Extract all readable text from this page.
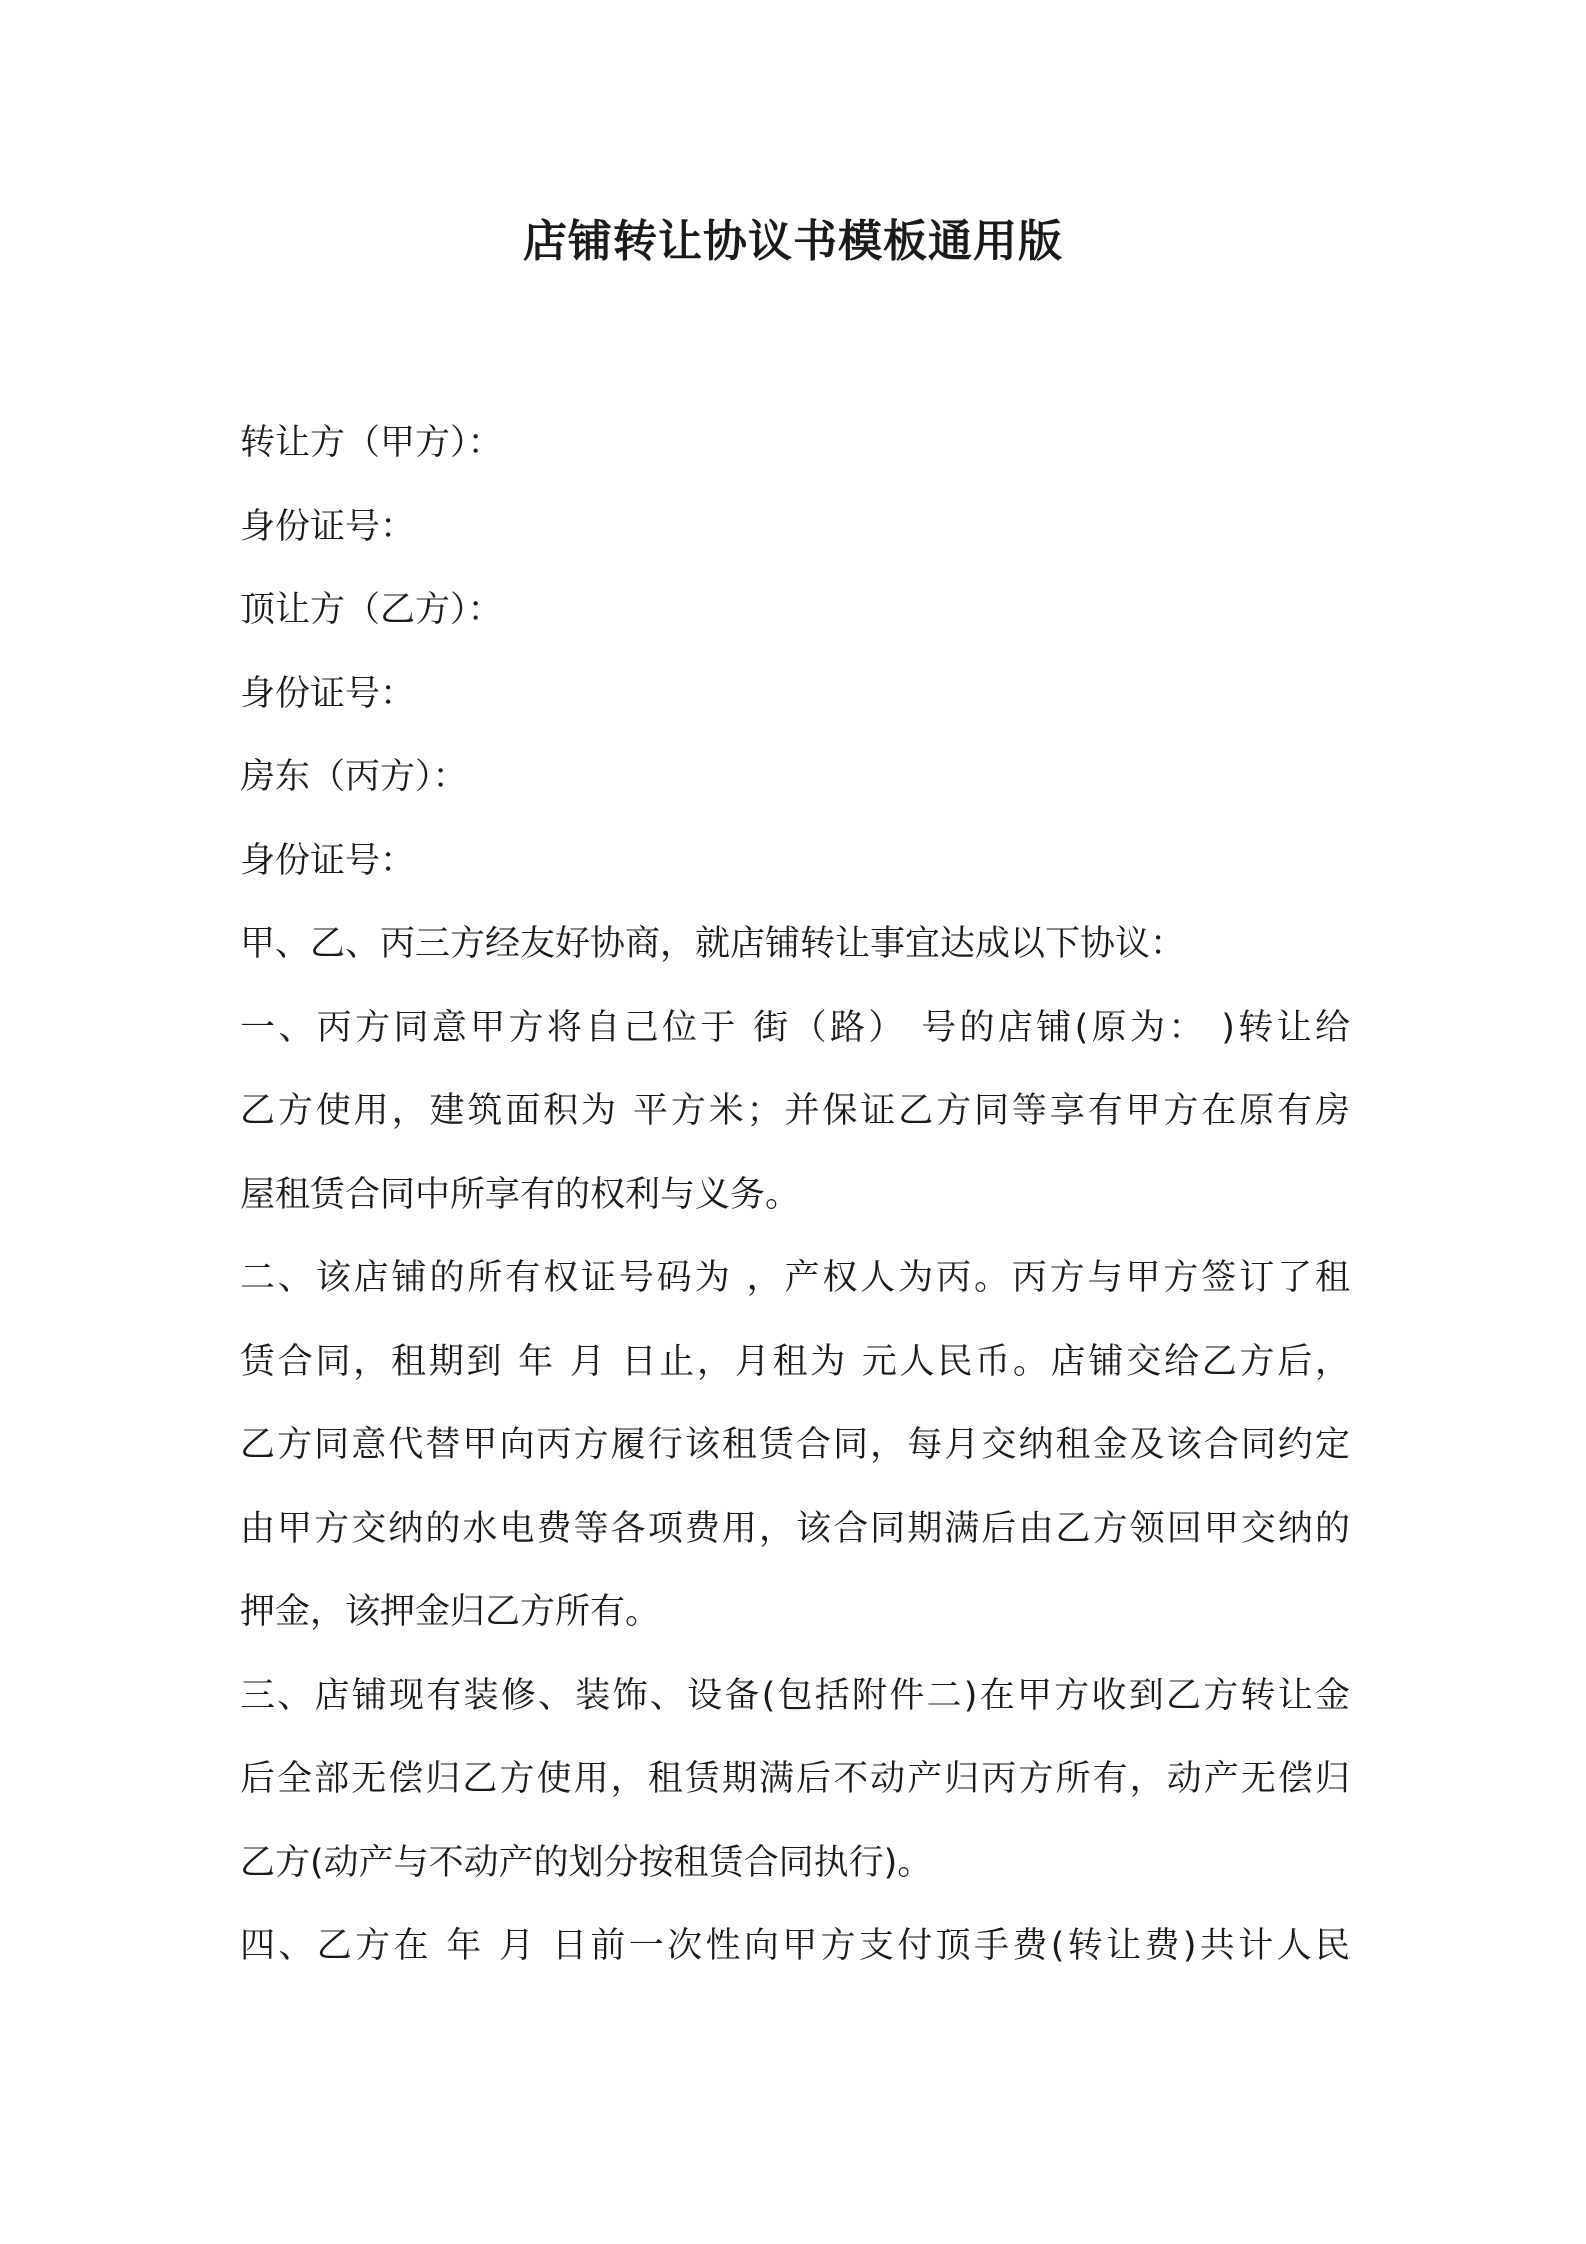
店铺转让协议书模板通用版
转让方（甲方）：
身份证号：
顶让方（乙方）：
身份证号：
房东（丙方）：
身份证号：
甲、乙、丙三方经友好协商，就店铺转让事宜达成以下协议：
一、丙方同意甲方将自己位于 街（路） 号的店铺(原为： )转让给
乙方使用，建筑面积为 平方米；并保证乙方同等享有甲方在原有房
屋租赁合同中所享有的权利与义务。
二、该店铺的所有权证号码为 ，产权人为丙。丙方与甲方签订了租
赁合同，租期到 年 月 日止，月租为 元人民币。店铺交给乙方后，
乙方同意代替甲向丙方履行该租赁合同，每月交纳租金及该合同约定
由甲方交纳的水电费等各项费用，该合同期满后由乙方领回甲交纳的
押金，该押金归乙方所有。
三、店铺现有装修、装饰、设备(包括附件二)在甲方收到乙方转让金
后全部无偿归乙方使用，租赁期满后不动产归丙方所有，动产无偿归
乙方(动产与不动产的划分按租赁合同执行)。
四、乙方在 年 月 日前一次性向甲方支付顶手费(转让费)共计人民
